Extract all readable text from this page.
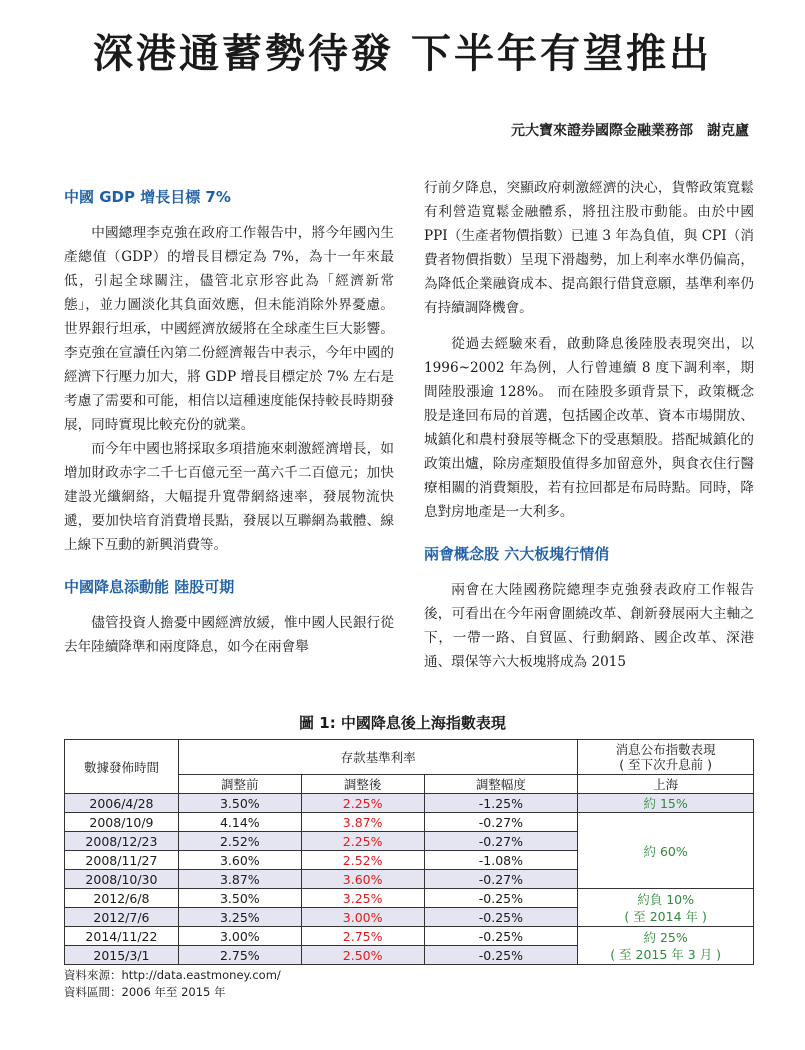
深港通蓄勢待發 下半年有望推出
元大寶來證券國際金融業務部　謝克廬
中國 GDP 增長目標 7%

中國總理李克強在政府工作報告中，將今年國內生產總值（GDP）的增長目標定為 7%，為十一年來最低，引起全球關注，儘管北京形容此為「經濟新常態」，並力圖淡化其負面效應，但未能消除外界憂慮。世界銀行坦承，中國經濟放緩將在全球產生巨大影響。李克強在宣讀任內第二份經濟報告中表示，今年中國的經濟下行壓力加大，將 GDP 增長目標定於 7% 左右是考慮了需要和可能，相信以這種速度能保持較長時期發展，同時實現比較充份的就業。

而今年中國也將採取多項措施來刺激經濟增長，如增加財政赤字二千七百億元至一萬六千二百億元；加快建設光纖網絡，大幅提升寬帶網絡速率，發展物流快遞，要加快培育消費增長點，發展以互聯網為載體、線上線下互動的新興消費等。

中國降息添動能 陸股可期

儘管投資人擔憂中國經濟放緩，惟中國人民銀行從去年陸續降準和兩度降息，如今在兩會舉

行前夕降息，突顯政府刺激經濟的決心，貨幣政策寬鬆有利營造寬鬆金融體系，將扭注股市動能。由於中國 PPI（生產者物價指數）已連 3 年為負值，與 CPI（消費者物價指數）呈現下滑趨勢，加上利率水準仍偏高，為降低企業融資成本、提高銀行借貸意願，基準利率仍有持續調降機會。

從過去經驗來看，啟動降息後陸股表現突出，以 1996~2002 年為例，人行曾連續 8 度下調利率，期間陸股漲逾 128%。 而在陸股多頭背景下，政策概念股是逢回布局的首選，包括國企改革、資本市場開放、城鎮化和農村發展等概念下的受惠類股。搭配城鎮化的政策出爐，除房產類股值得多加留意外，與食衣住行醫療相關的消費類股，若有拉回都是布局時點。同時，降息對房地產是一大利多。

兩會概念股 六大板塊行情俏

兩會在大陸國務院總理李克強發表政府工作報告後，可看出在今年兩會圍繞改革、創新發展兩大主軸之下，一帶一路、自貿區、行動網路、國企改革、深港通、環保等六大板塊將成為 2015

圖 1: 中國降息後上海指數表現
數據發佈時間	存款基準利率			消息公布指數表現
( 至下次升息前 )

	調整前	調整後	調整幅度	上海
2006/4/28	3.50%	2.25%	-1.25%	約 15%
2008/10/9	4.14%	3.87%	-0.27%	約 60%
2008/12/23	2.52%	2.25%	-0.27%	
2008/11/27	3.60%	2.52%	-1.08%	
2008/10/30	3.87%	3.60%	-0.27%	
2012/6/8	3.50%	3.25%	-0.25%	約負 10%
( 至 2014 年 )

2012/7/6	3.25%	3.00%	-0.25%	
2014/11/22	3.00%	2.75%	-0.25%	約 25%
( 至 2015 年 3 月 )

2015/3/1	2.75%	2.50%	-0.25%	
資料來源：http://data.eastmoney.com/
資料區間：2006 年至 2015 年
